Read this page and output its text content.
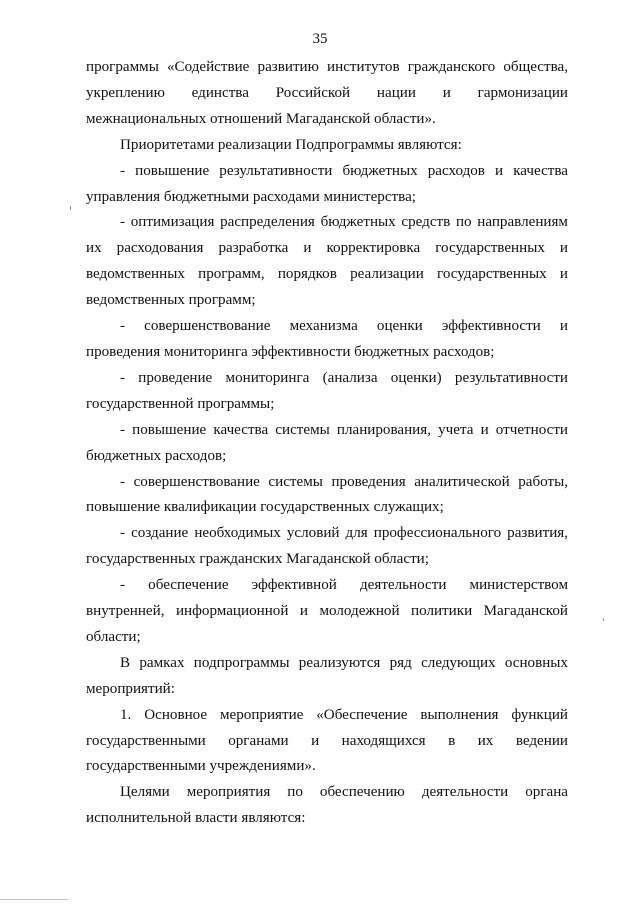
35

программы «Содействие развитию институтов гражданского общества, укреплению единства Российской нации и гармонизации межнациональных отношений Магаданской области».

Приоритетами реализации Подпрограммы являются:

- повышение результативности бюджетных расходов и качества управления бюджетными расходами министерства;

- оптимизация распределения бюджетных средств по направлениям их расходования разработка и корректировка государственных и ведомственных программ, порядков реализации государственных и ведомственных программ;

- совершенствование механизма оценки эффективности и проведения мониторинга эффективности бюджетных расходов;

- проведение мониторинга (анализа оценки) результативности государственной программы;

- повышение качества системы планирования, учета и отчетности бюджетных расходов;

- совершенствование системы проведения аналитической работы, повышение квалификации государственных служащих;

- создание необходимых условий для профессионального развития, государственных гражданских Магаданской области;

- обеспечение эффективной деятельности министерством внутренней, информационной и молодежной политики Магаданской области;

В рамках подпрограммы реализуются ряд следующих основных мероприятий:

1. Основное мероприятие «Обеспечение выполнения функций государственными органами и находящихся в их ведении государственными учреждениями».

Целями мероприятия по обеспечению деятельности органа исполнительной власти являются:
